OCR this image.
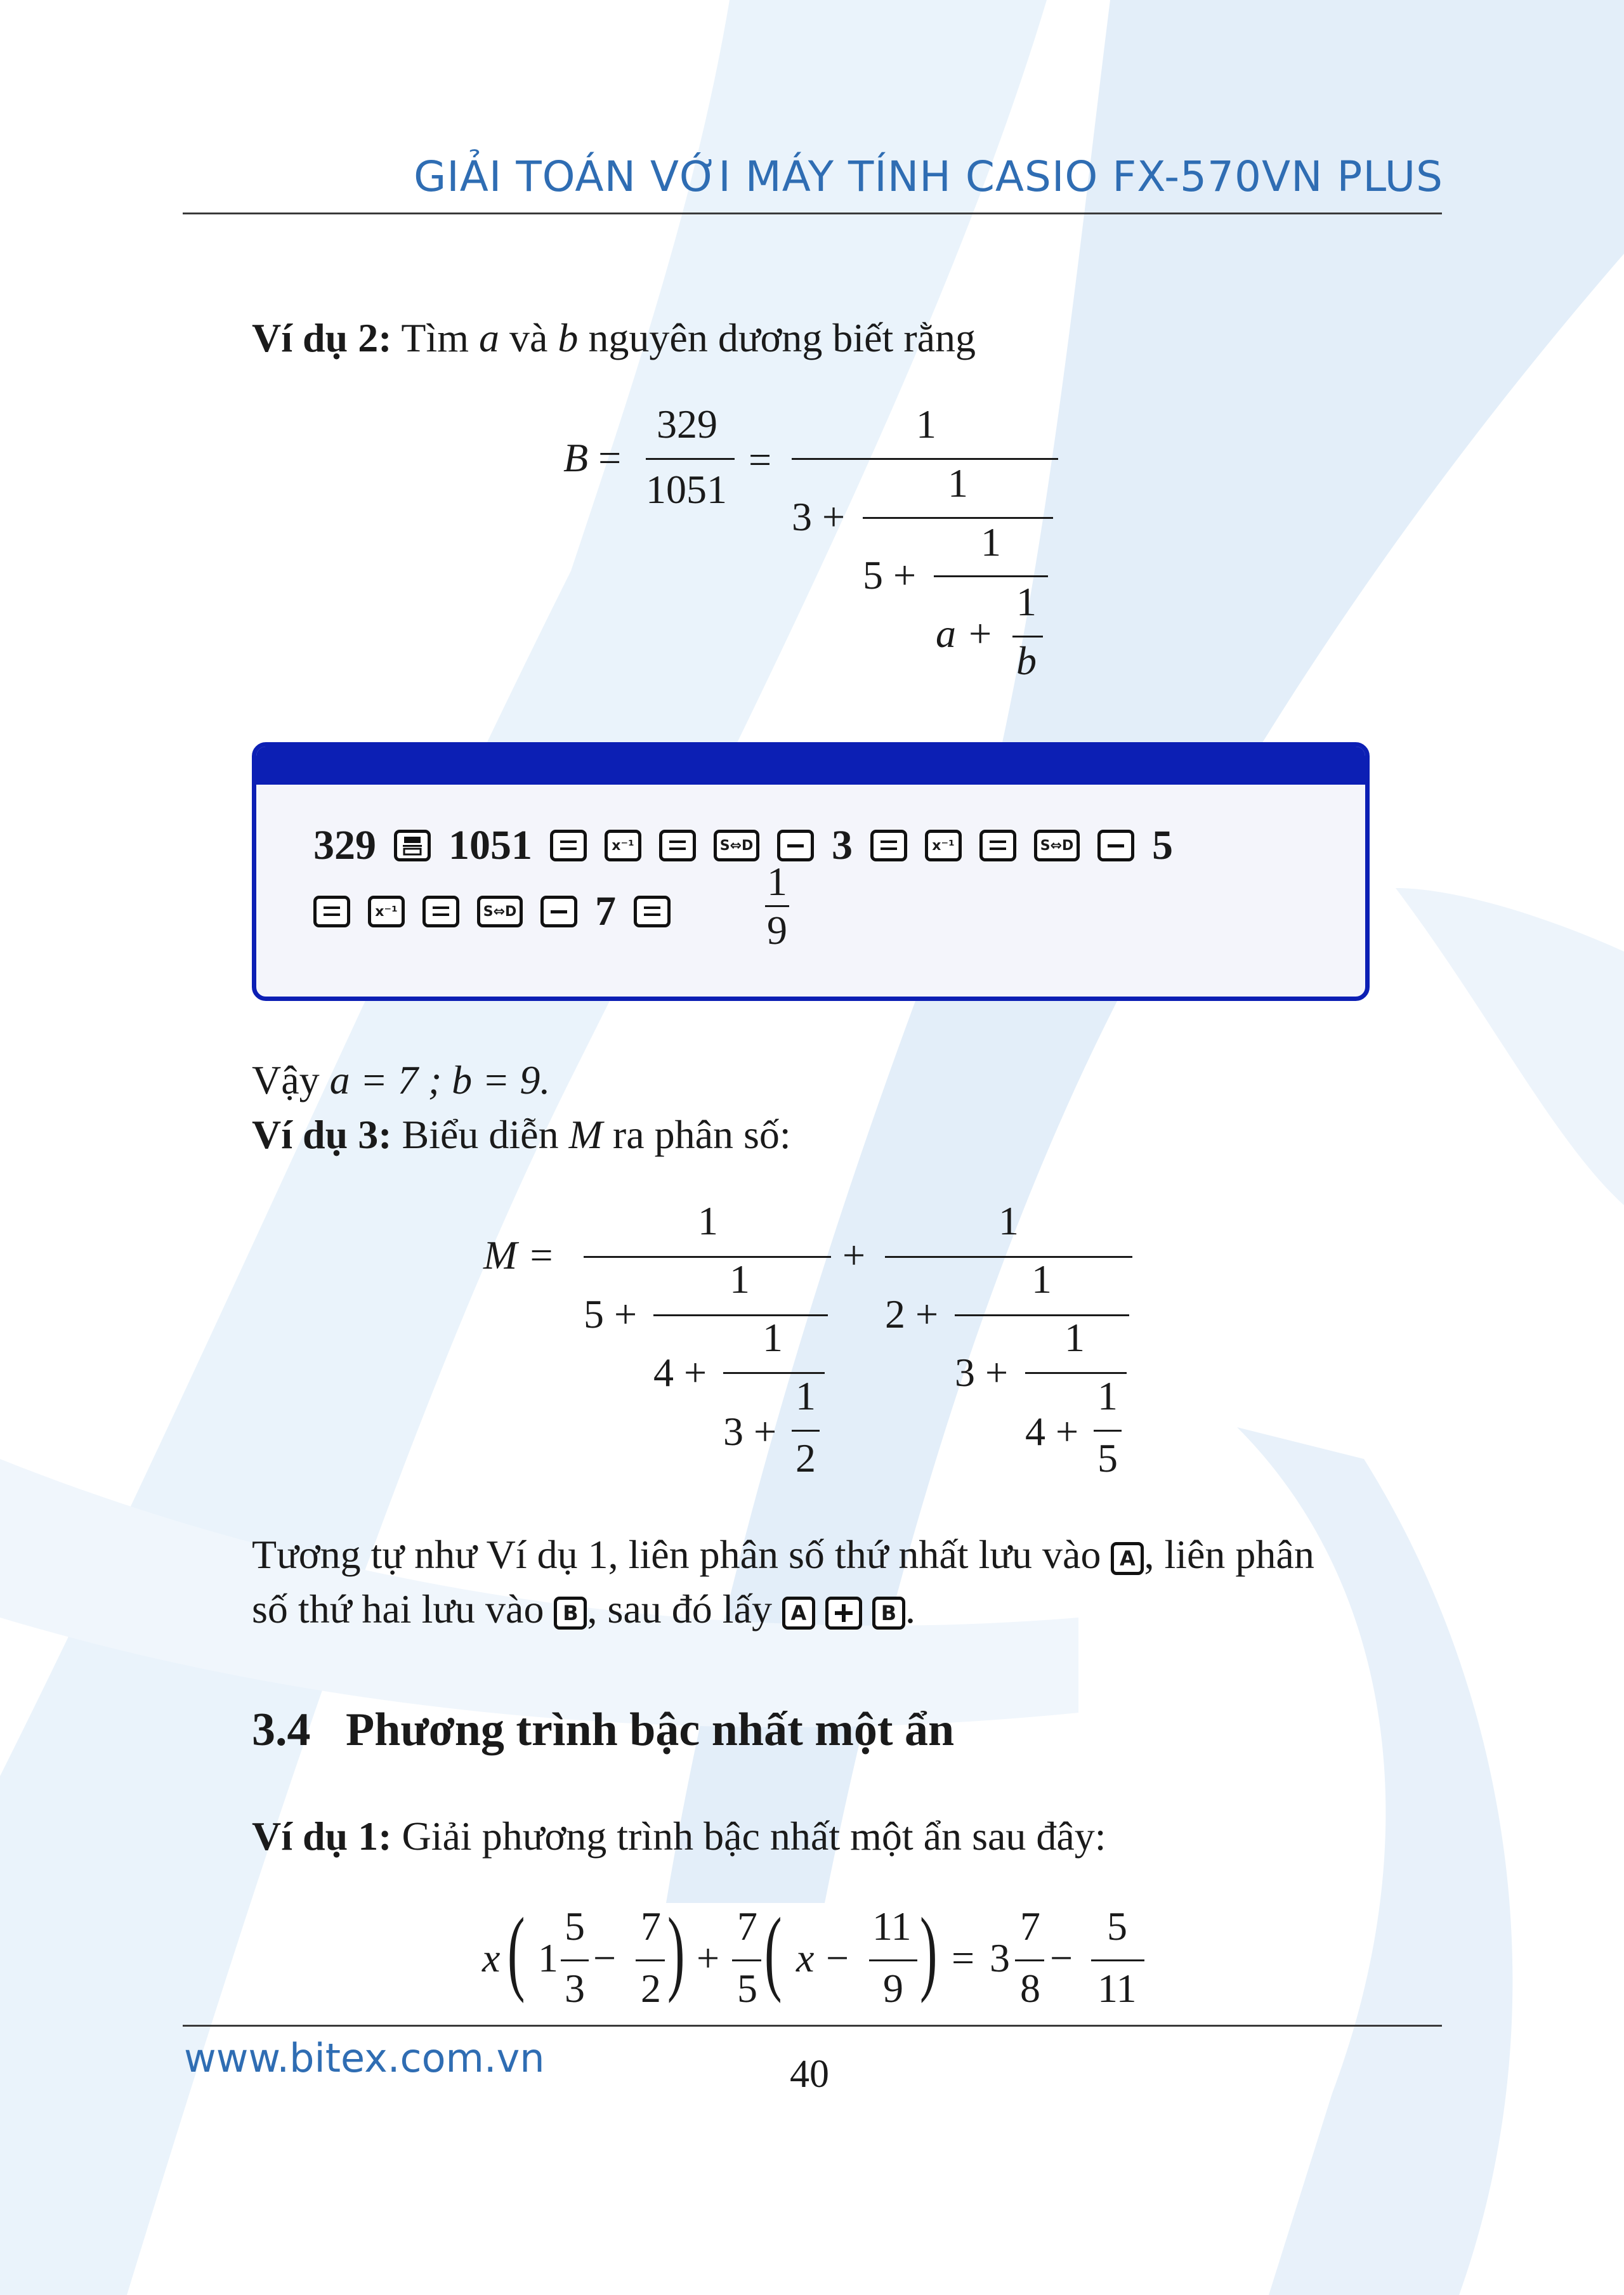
GIẢI TOÁN VỚI MÁY TÍNH CASIO FX-570VN PLUS
Ví dụ 2: Tìm a và b nguyên dương biết rằng
B =
329
1051
=
1
3 +
1
5 +
1
a +
1
b
329 1051	x⁻¹	S⇔D 3	x⁻¹	S⇔D 5
x⁻¹	S⇔D 7
1
9
Vậy a = 7 ; b = 9.
Ví dụ 3: Biểu diễn M ra phân số:
M =
1
5 +
1
4 +
1
3 +
1
2
+
1
2 +
1
3 +
1
4 +
1
5
Tương tự như Ví dụ 1, liên phân số thứ nhất lưu vào A , liên phân
số thứ hai lưu vào B , sau đó lấy A	B .
3.4 Phương trình bậc nhất một ẩn
Ví dụ 1: Giải phương trình bậc nhất một ẩn sau đây:
x ( 1
5
3
−
7
2 ) +
7
5 ( x −
11
9 ) = 3
7
8
−
5
11
www.bitex.com.vn	40
